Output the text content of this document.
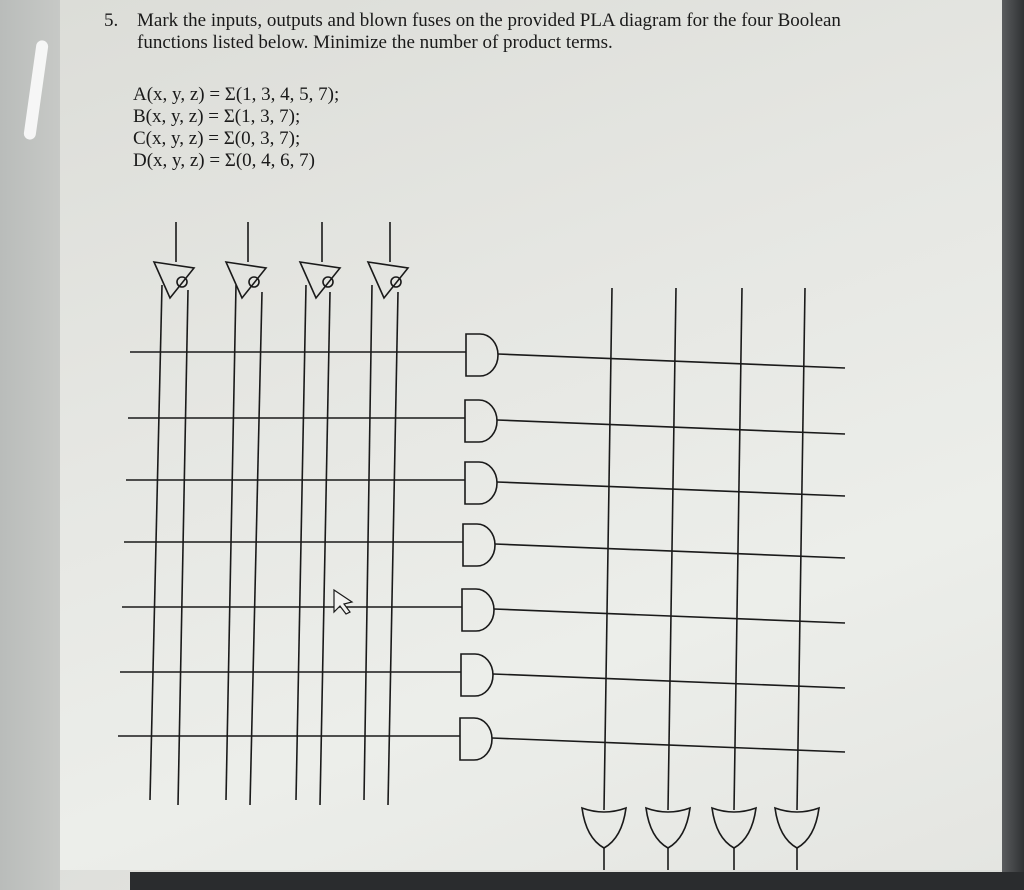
5. Mark the inputs, outputs and blown fuses on the provided PLA diagram for the four Boolean
functions listed below. Minimize the number of product terms.
A(x, y, z) = Σ(1, 3, 4, 5, 7);
B(x, y, z) = Σ(1, 3, 7);
C(x, y, z) = Σ(0, 3, 7);
D(x, y, z) = Σ(0, 4, 6, 7)
